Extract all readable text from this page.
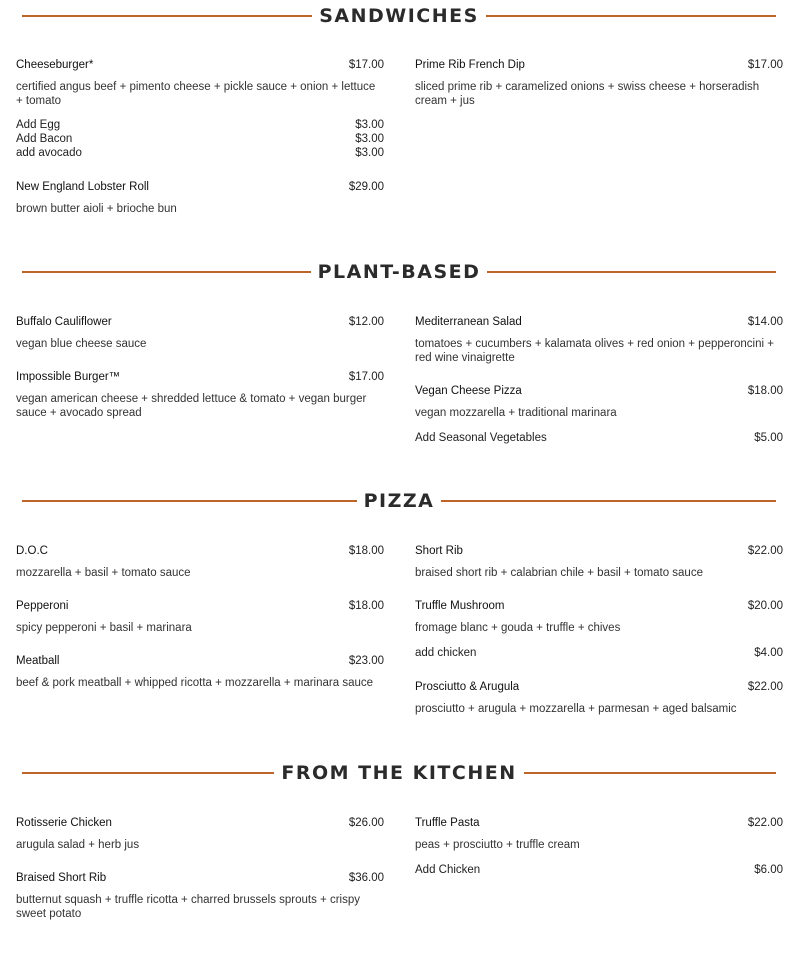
SANDWICHES
Cheeseburger*	$17.00
certified angus beef + pimento cheese + pickle sauce + onion + lettuce + tomato
Add Egg	$3.00
Add Bacon	$3.00
add avocado	$3.00
New England Lobster Roll	$29.00
brown butter aioli + brioche bun
Prime Rib French Dip	$17.00
sliced prime rib + caramelized onions + swiss cheese + horseradish cream + jus
PLANT-BASED
Buffalo Cauliflower	$12.00
vegan blue cheese sauce
Impossible Burger™	$17.00
vegan american cheese + shredded lettuce & tomato + vegan burger sauce + avocado spread
Mediterranean Salad	$14.00
tomatoes + cucumbers + kalamata olives + red onion + pepperoncini + red wine vinaigrette
Vegan Cheese Pizza	$18.00
vegan mozzarella + traditional marinara
Add Seasonal Vegetables	$5.00
PIZZA
D.O.C	$18.00
mozzarella + basil + tomato sauce
Pepperoni	$18.00
spicy pepperoni + basil + marinara
Meatball	$23.00
beef & pork meatball + whipped ricotta + mozzarella + marinara sauce
Short Rib	$22.00
braised short rib + calabrian chile + basil + tomato sauce
Truffle Mushroom	$20.00
fromage blanc + gouda + truffle + chives
add chicken	$4.00
Prosciutto & Arugula	$22.00
prosciutto + arugula + mozzarella + parmesan + aged balsamic
FROM THE KITCHEN
Rotisserie Chicken	$26.00
arugula salad + herb jus
Braised Short Rib	$36.00
butternut squash + truffle ricotta + charred brussels sprouts + crispy sweet potato
Truffle Pasta	$22.00
peas + prosciutto + truffle cream
Add Chicken	$6.00
